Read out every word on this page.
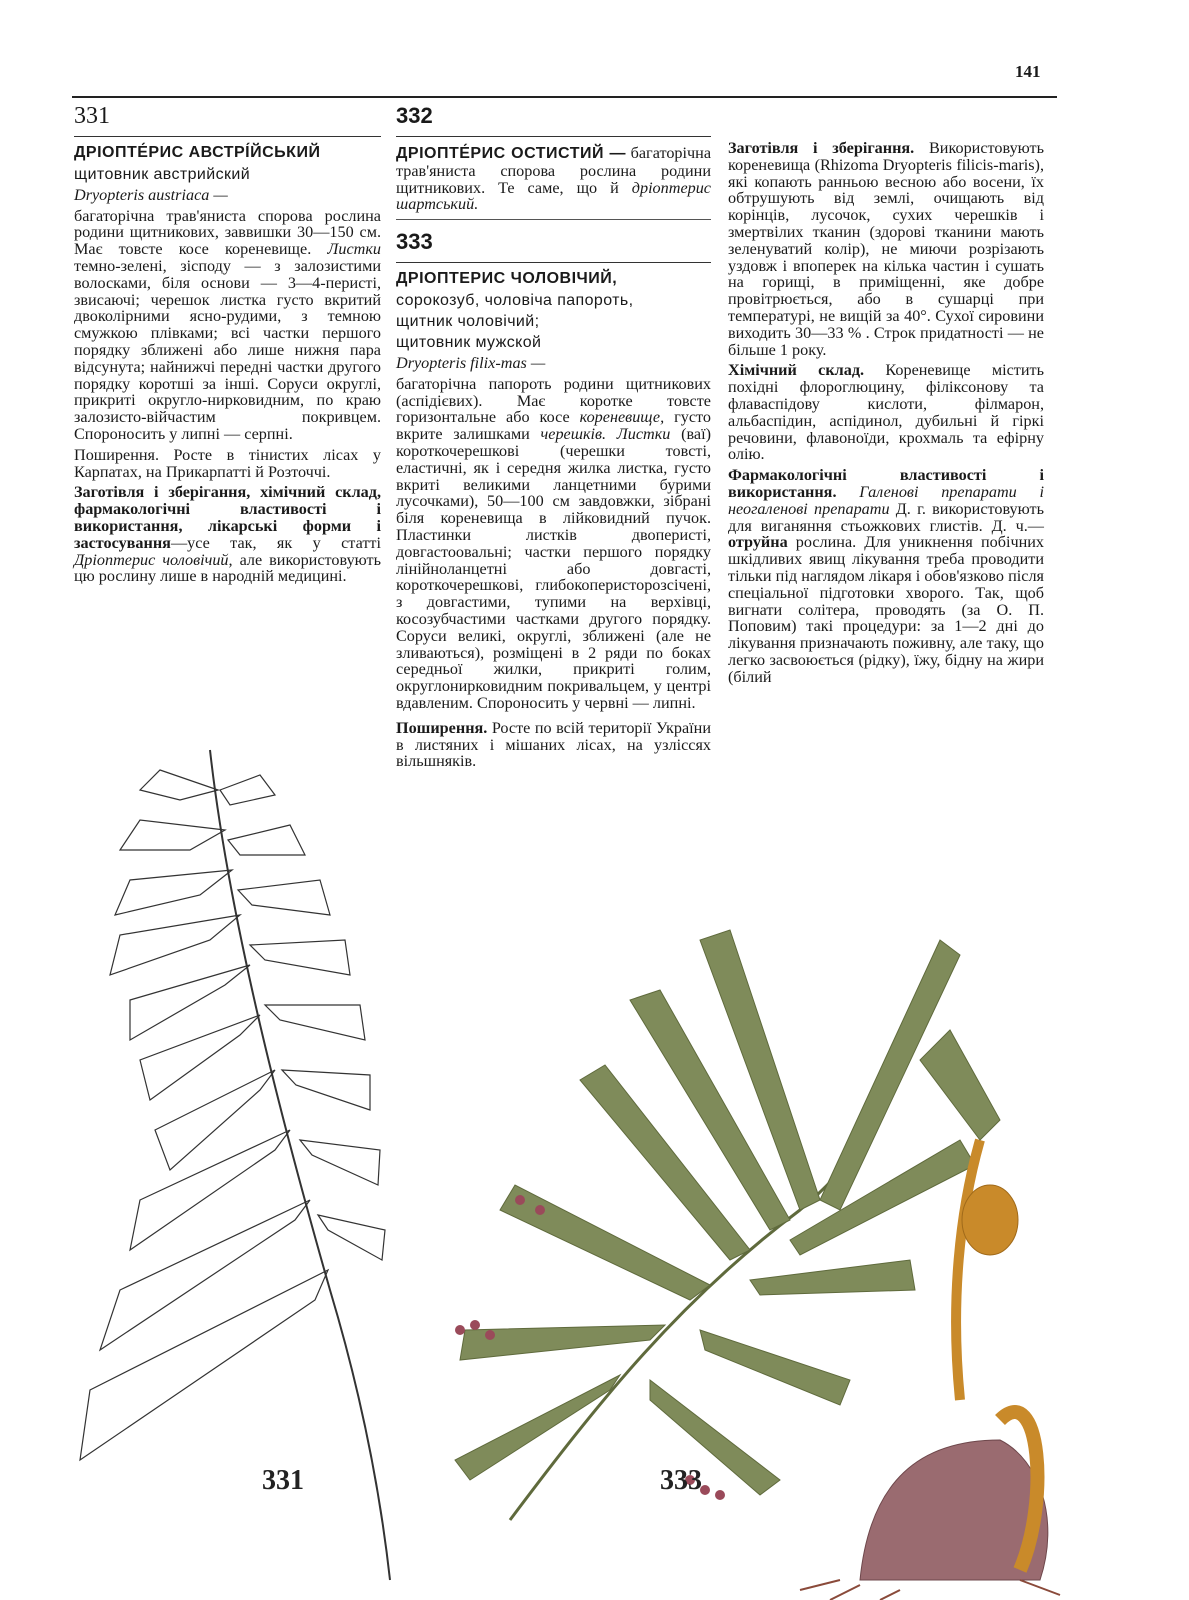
141
331

ДРІОПТЕ́РИС АВСТРІ́ЙСЬКИЙ

щитовник австрийский

Dryopteris austriaca —

багаторічна трав'яниста спорова рослина родини щитникових, заввишки 30—150 см. Має товсте косе кореневище. Листки темно-зелені, зісподу — з залозистими волосками, біля основи — 3—4-перисті, звисаючі; черешок листка густо вкритий двоколірними ясно-рудими, з темною смужкою плівками; всі частки першого порядку зближені або лише нижня пара відсунута; найнижчі передні частки другого порядку коротші за інші. Соруси округлі, прикриті округло-нирковидним, по краю залозисто-війчастим покривцем. Спороносить у липні — серпні.

Поширення. Росте в тінистих лісах у Карпатах, на Прикарпатті й Розточчі.

Заготівля і зберігання, хімічний склад, фармакологічні властивості і використання, лікарські форми і застосування—усе так, як у статті Дріоптерис чоловічий, але використовують цю рослину лише в народній медицині.

332

ДРІОПТЕ́РИС ОСТИСТИЙ — багаторічна трав'яниста спорова рослина родини щитникових. Те саме, що й дріоптерис шартський.

333

ДРІОПТЕРИС ЧОЛОВІЧИЙ,

сорокозуб, чоловіча папороть,

щитник чоловічий;

щитовник мужской

Dryopteris filix-mas —

багаторічна папороть родини щитникових (аспідієвих). Має коротке товсте горизонтальне або косе кореневище, густо вкрите залишками черешків. Листки (ваї) короткочерешкові (черешки товсті, еластичні, як і середня жилка листка, густо вкриті великими ланцетними бурими лусочками), 50—100 см завдовжки, зібрані біля кореневища в лійковидний пучок. Пластинки листків двоперисті, довгастоовальні; частки першого порядку лінійноланцетні або довгасті, короткочерешкові, глибокоперисторозсічені, з довгастими, тупими на верхівці, косозубчастими частками другого порядку. Соруси великі, округлі, зближені (але не зливаються), розміщені в 2 ряди по боках середньої жилки, прикриті голим, округлонирковидним покривальцем, у центрі вдавленим. Спороносить у червні — липні.

Поширення. Росте по всій території України в листяних і мішаних лісах, на узліссях вільшняків.

Заготівля і зберігання. Використовують кореневища (Rhizoma Dryopteris filicis-maris), які копають ранньою весною або восени, їх обтрушують від землі, очищають від корінців, лусочок, сухих черешків і змертвілих тканин (здорові тканини мають зеленуватий колір), не миючи розрізають уздовж і впоперек на кілька частин і сушать на горищі, в приміщенні, яке добре провітрюється, або в сушарці при температурі, не вищій за 40°. Сухої сировини виходить 30—33 % . Строк придатності — не більше 1 року.

Хімічний склад. Кореневище містить похідні флороглюцину, філіксонову та флаваспідову кислоти, філмарон, альбаспідин, аспідинол, дубильні й гіркі речовини, флавоноїди, крохмаль та ефірну олію.

Фармакологічні властивості і використання. Галенові препарати і неогаленові препарати Д. г. використовують для виганяння стьожкових глистів. Д. ч.— отруйна рослина. Для уникнення побічних шкідливих явищ лікування треба проводити тільки під наглядом лікаря і обов'язково після спеціальної підготовки хворого. Так, щоб вигнати солітера, проводять (за О. П. Поповим) такі процедури: за 1—2 дні до лікування призначають поживну, але таку, що легко засвоюється (рідку), їжу, бідну на жири (білий

331	333
